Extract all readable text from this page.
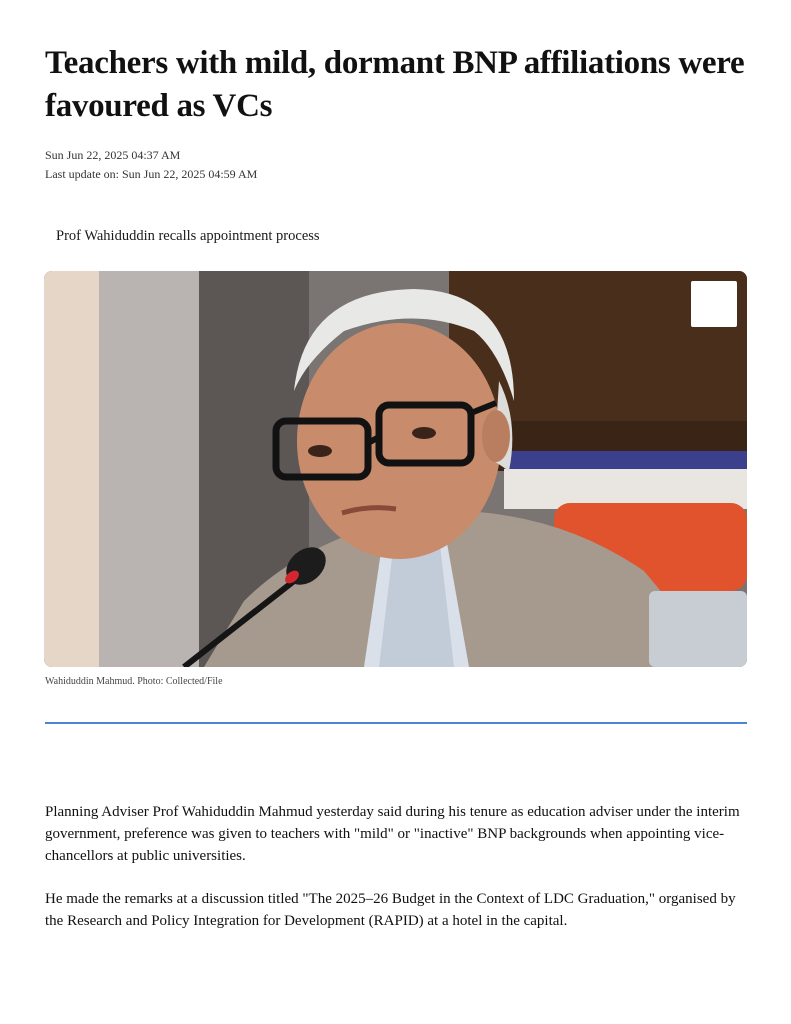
Teachers with mild, dormant BNP affiliations were favoured as VCs
Sun Jun 22, 2025 04:37 AM
Last update on: Sun Jun 22, 2025 04:59 AM
Prof Wahiduddin recalls appointment process
Wahiduddin Mahmud. Photo: Collected/File

Planning Adviser Prof Wahiduddin Mahmud yesterday said during his tenure as education adviser under the interim government, preference was given to teachers with "mild" or "inactive" BNP backgrounds when appointing vice-chancellors at public universities.

He made the remarks at a discussion titled "The 2025–26 Budget in the Context of LDC Graduation," organised by the Research and Policy Integration for Development (RAPID) at a hotel in the capital.
